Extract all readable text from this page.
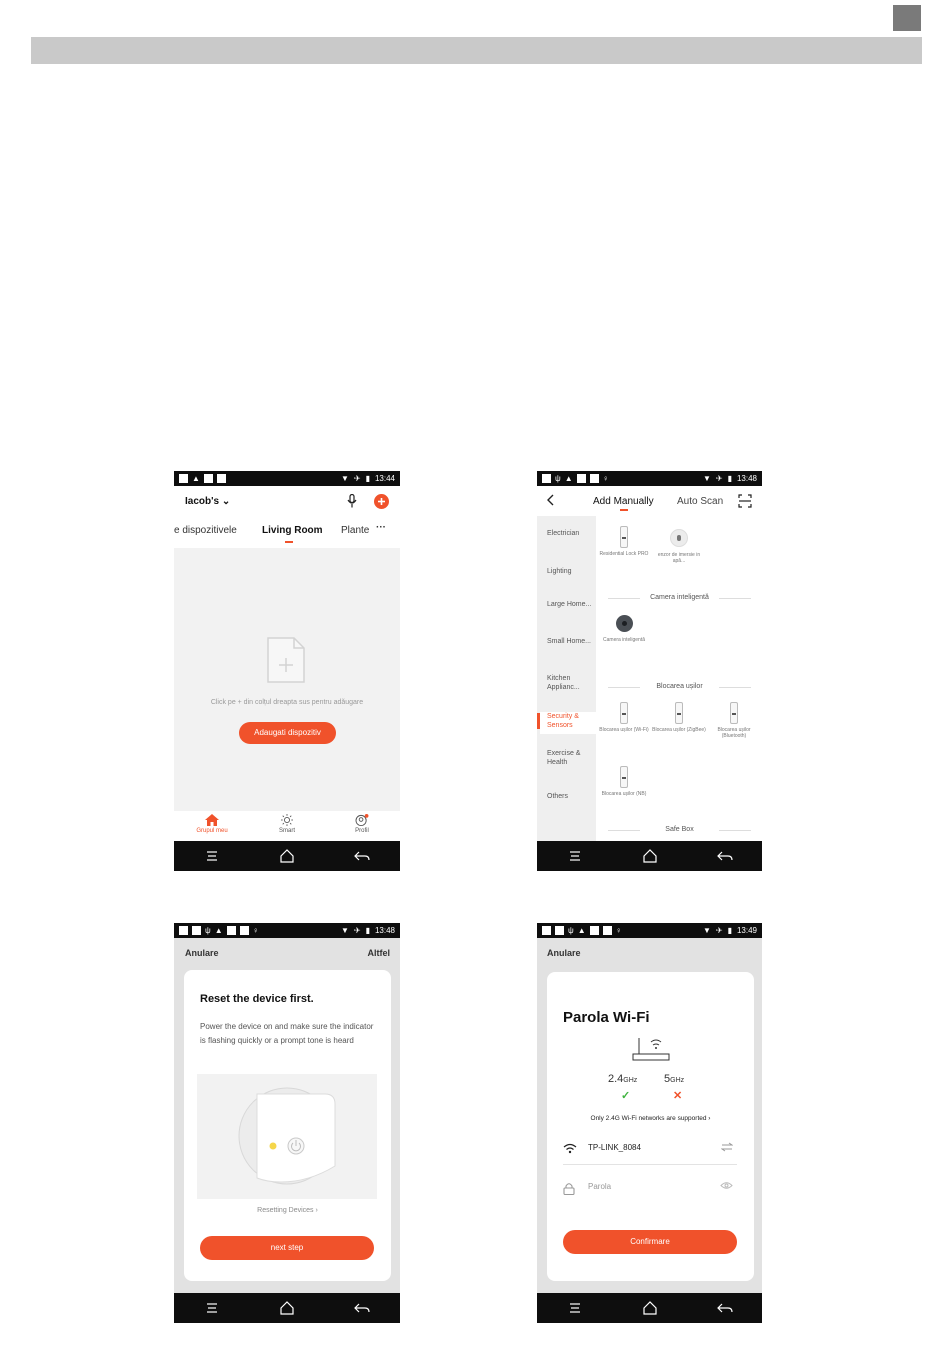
▲	▼ ✈ ▮ 13:44
Iacob's ⌄
e dispozitivele	Living Room Plante ···
Click pe + din colțul dreapta sus pentru adăugare
Adaugati dispozitiv
Grupul meu	Smart	Profil
ψ ▲	♀	▼ ✈ ▮ 13:48
Add Manually Auto Scan
Electrician
Lighting
Large Home...
Small Home...
Kitchen Applianc...
Security & Sensors
Exercise & Health
Others
Residential Lock PRO	enzor de imersie in apă...
Camera inteligentă
Camera inteligentă
Blocarea ușilor
Blocarea ușilor (Wi-Fi) Blocarea ușilor (ZigBee)	Blocarea ușilor (Bluetooth)
Blocarea ușilor (NB)
Safe Box
ψ ▲	♀	▼ ✈ ▮ 13:48
Anulare	Altfel
Reset the device first.
Power the device on and make sure the indicator is flashing quickly or a prompt tone is heard
Resetting Devices ›
next step
ψ ▲	♀	▼ ✈ ▮ 13:49
Anulare
Parola Wi-Fi
2.4GHz 5GHz
✓	✕
Only 2.4G Wi-Fi networks are supported ›
TP-LINK_8084
Parola
Confirmare
